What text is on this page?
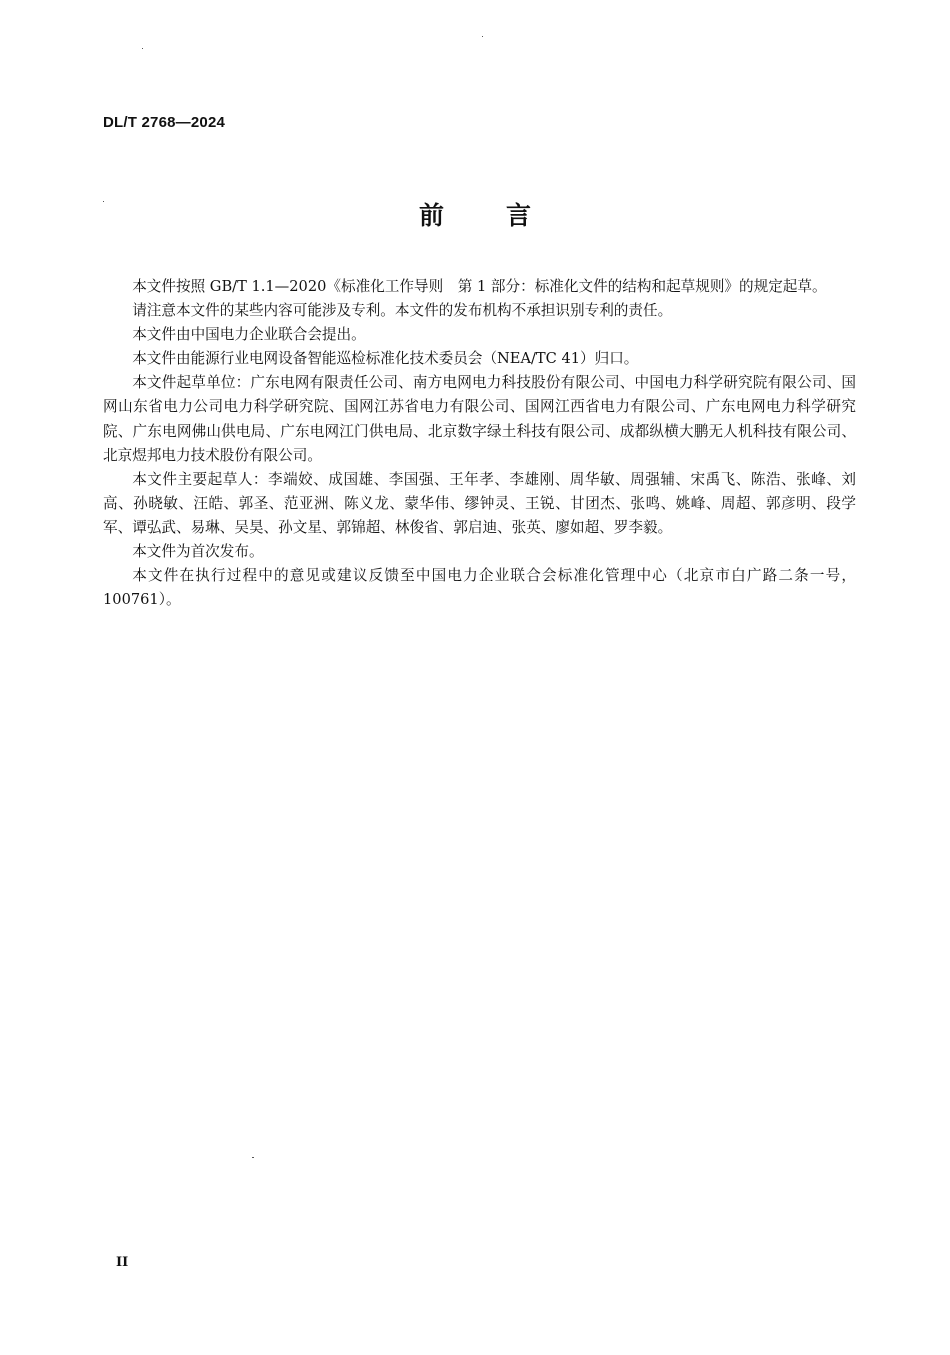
DL/T 2768—2024
前言

本文件按照 GB/T 1.1—2020《标准化工作导则　第 1 部分：标准化文件的结构和起草规则》的规定起草。

请注意本文件的某些内容可能涉及专利。本文件的发布机构不承担识别专利的责任。

本文件由中国电力企业联合会提出。

本文件由能源行业电网设备智能巡检标准化技术委员会（NEA/TC 41）归口。

本文件起草单位：广东电网有限责任公司、南方电网电力科技股份有限公司、中国电力科学研究院有限公司、国网山东省电力公司电力科学研究院、国网江苏省电力有限公司、国网江西省电力有限公司、广东电网电力科学研究院、广东电网佛山供电局、广东电网江门供电局、北京数字绿土科技有限公司、成都纵横大鹏无人机科技有限公司、北京煜邦电力技术股份有限公司。

本文件主要起草人：李端姣、成国雄、李国强、王年孝、李雄刚、周华敏、周强辅、宋禹飞、陈浩、张峰、刘高、孙晓敏、汪皓、郭圣、范亚洲、陈义龙、蒙华伟、缪钟灵、王锐、甘团杰、张鸣、姚峰、周超、郭彦明、段学军、谭弘武、易琳、吴昊、孙文星、郭锦超、林俊省、郭启迪、张英、廖如超、罗李毅。

本文件为首次发布。

本文件在执行过程中的意见或建议反馈至中国电力企业联合会标准化管理中心（北京市白广路二条一号，100761）。

II
